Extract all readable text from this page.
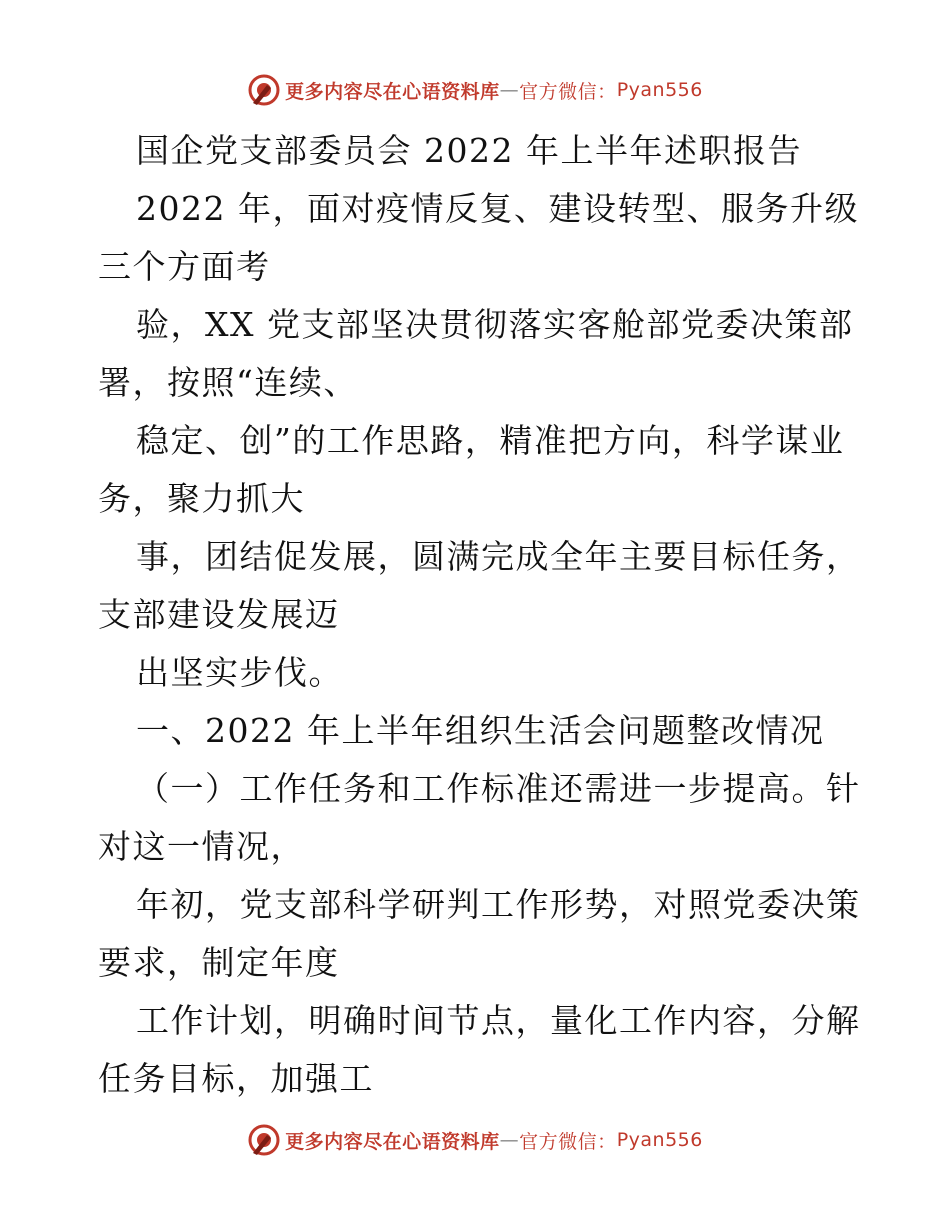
更多内容尽在心语资料库 — 官方微信： Pyan556
国企党支部委员会 2022 年上半年述职报告
2022 年，面对疫情反复、建设转型、服务升级
三个方面考
验，XX 党支部坚决贯彻落实客舱部党委决策部
署，按照“连续、
稳定、创”的工作思路，精准把方向，科学谋业
务，聚力抓大
事，团结促发展，圆满完成全年主要目标任务，
支部建设发展迈
出坚实步伐。
一、2022 年上半年组织生活会问题整改情况
（一）工作任务和工作标准还需进一步提高。针
对这一情况，
年初，党支部科学研判工作形势，对照党委决策
要求，制定年度
工作计划，明确时间节点，量化工作内容，分解
任务目标，加强工
更多内容尽在心语资料库 — 官方微信： Pyan556
